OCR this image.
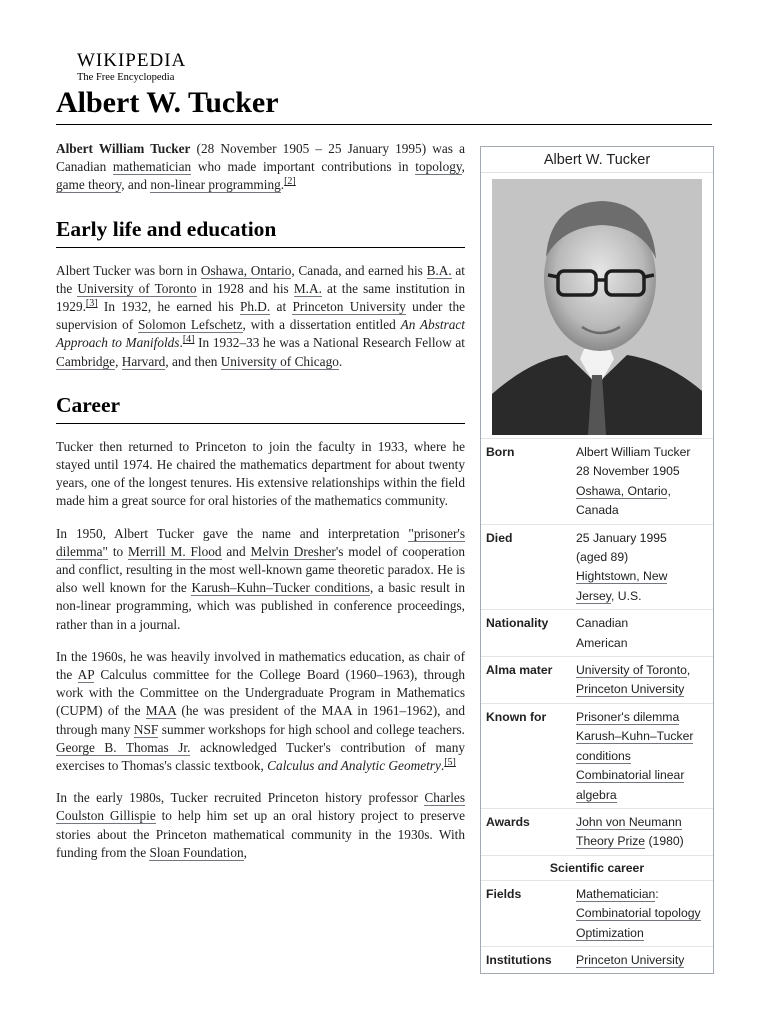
WIKIPEDIA
The Free Encyclopedia
Albert W. Tucker

Albert William Tucker (28 November 1905 – 25 January 1995) was a Canadian mathematician who made important contributions in topology, game theory, and non-linear programming.[2]

Early life and education

Albert Tucker was born in Oshawa, Ontario, Canada, and earned his B.A. at the University of Toronto in 1928 and his M.A. at the same institution in 1929.[3] In 1932, he earned his Ph.D. at Princeton University under the supervision of Solomon Lefschetz, with a dissertation entitled An Abstract Approach to Manifolds.[4] In 1932–33 he was a National Research Fellow at Cambridge, Harvard, and then University of Chicago.

Career

Tucker then returned to Princeton to join the faculty in 1933, where he stayed until 1974. He chaired the mathematics department for about twenty years, one of the longest tenures. His extensive relationships within the field made him a great source for oral histories of the mathematics community.

In 1950, Albert Tucker gave the name and interpretation "prisoner's dilemma" to Merrill M. Flood and Melvin Dresher's model of cooperation and conflict, resulting in the most well-known game theoretic paradox. He is also well known for the Karush–Kuhn–Tucker conditions, a basic result in non-linear programming, which was published in conference proceedings, rather than in a journal.

In the 1960s, he was heavily involved in mathematics education, as chair of the AP Calculus committee for the College Board (1960–1963), through work with the Committee on the Undergraduate Program in Mathematics (CUPM) of the MAA (he was president of the MAA in 1961–1962), and through many NSF summer workshops for high school and college teachers. George B. Thomas Jr. acknowledged Tucker's contribution of many exercises to Thomas's classic textbook, Calculus and Analytic Geometry.[5]

In the early 1980s, Tucker recruited Princeton history professor Charles Coulston Gillispie to help him set up an oral history project to preserve stories about the Princeton mathematical community in the 1930s. With funding from the Sloan Foundation,

Albert W. Tucker
Born	Albert William Tucker
28 November 1905
Oshawa, Ontario,
Canada
Died	25 January 1995
(aged 89)
Hightstown, New Jersey, U.S.
Nationality	Canadian
American
Alma mater	University of Toronto,
Princeton University
Known for	Prisoner's dilemma
Karush–Kuhn–Tucker conditions
Combinatorial linear algebra
Awards	John von Neumann Theory Prize (1980)
Scientific career
Fields	Mathematician:
Combinatorial topology
Optimization
Institutions	Princeton University
